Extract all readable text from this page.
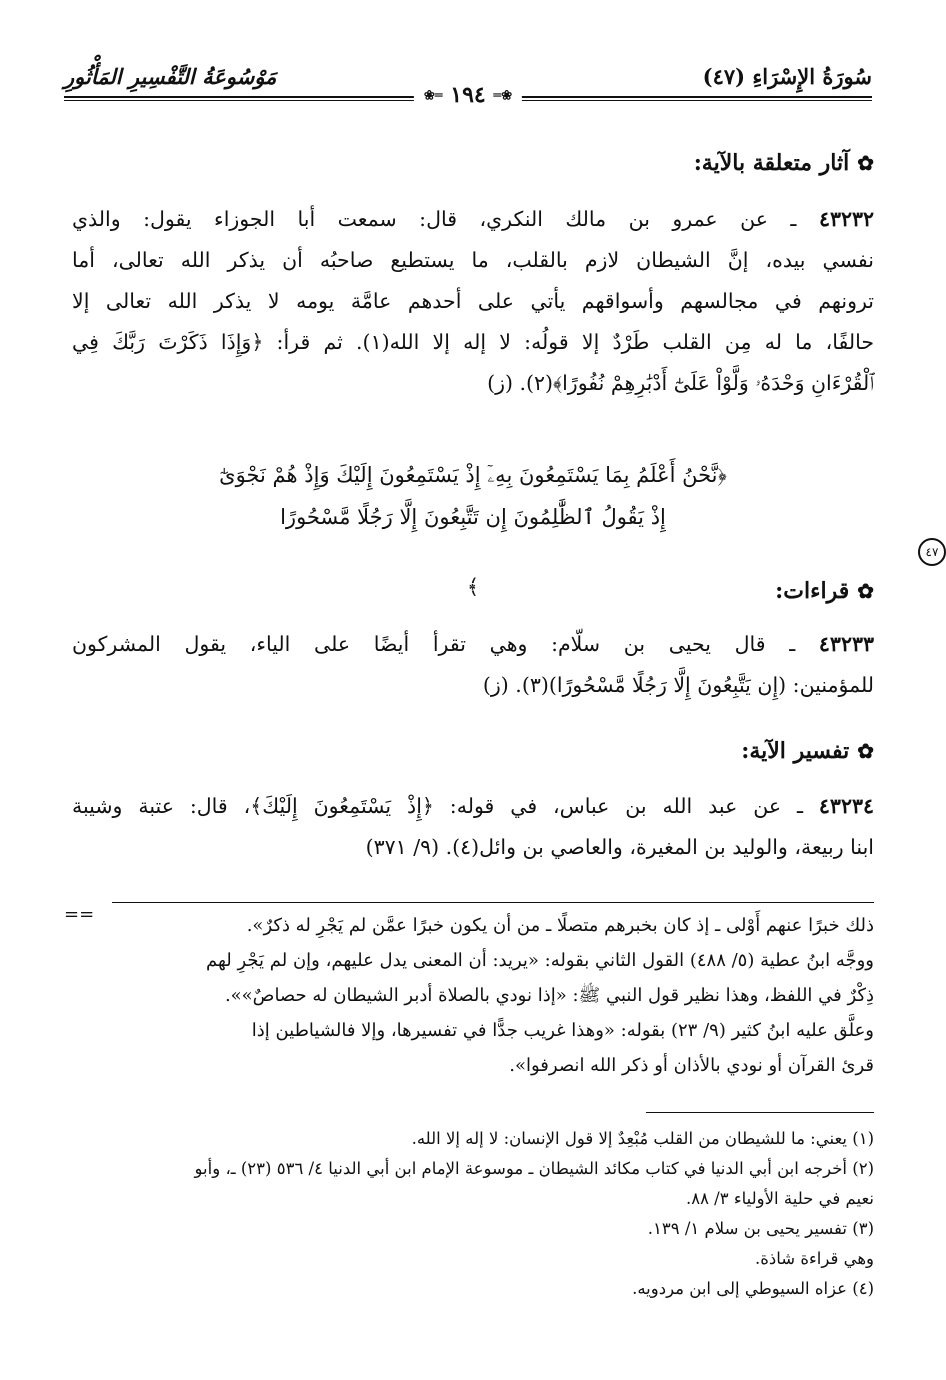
سُورَةُ الإِسْرَاءِ (٤٧)
مَوْسُوعَةُ التَّفْسِيرِ المَأْثُورِ
❀═ ١٩٤ ═❀
✿آثار متعلقة بالآية:
٤٣٢٣٢ ـ عن عمرو بن مالك النكري، قال: سمعت أبا الجوزاء يقول: والذي
نفسي بيده، إنَّ الشيطان لازم بالقلب، ما يستطيع صاحبُه أن يذكر الله تعالى، أما
ترونهم في مجالسهم وأسواقهم يأتي على أحدهم عامَّة يومه لا يذكر الله تعالى إلا
حالفًا، ما له مِن القلب طَرْدٌ إلا قولُه: لا إله إلا الله(١). ثم قرأ: ﴿وَإِذَا ذَكَرْتَ رَبَّكَ فِي
ٱلْقُرْءَانِ وَحْدَهُۥ وَلَّوْاْ عَلَىٰٓ أَدْبَٰرِهِمْ نُفُورًا﴾(٢). (ز)
﴿نَّحْنُ أَعْلَمُ بِمَا يَسْتَمِعُونَ بِهِۦٓ إِذْ يَسْتَمِعُونَ إِلَيْكَ وَإِذْ هُمْ نَجْوَىٰٓ
إِذْ يَقُولُ ٱلظَّٰلِمُونَ إِن تَتَّبِعُونَ إِلَّا رَجُلًا مَّسْحُورًا
٤٧
﴾	✿قراءات:
٤٣٢٣٣ ـ قال يحيى بن سلّام: وهي تقرأ أيضًا على الياء، يقول المشركون
للمؤمنين: (إِن يَتَّبِعُونَ إِلَّا رَجُلًا مَّسْحُورًا)(٣). (ز)
✿تفسير الآية:
٤٣٢٣٤ ـ عن عبد الله بن عباس، في قوله: ﴿إِذْ يَسْتَمِعُونَ إِلَيْكَ﴾، قال: عتبة وشيبة
ابنا ربيعة، والوليد بن المغيرة، والعاصي بن وائل(٤). (٩/ ٣٧١)
==
ذلك خبرًا عنهم أَوْلى ـ إذ كان بخبرهم متصلًا ـ من أن يكون خبرًا عمَّن لم يَجْرِ له ذكرٌ».
ووجَّه ابنُ عطية (٥/ ٤٨٨) القول الثاني بقوله: «يريد: أن المعنى يدل عليهم، وإن لم يَجْرِ لهم
ذِكْرٌ في اللفظ، وهذا نظير قول النبي ﷺ: «إذا نودي بالصلاة أدبر الشيطان له حصاصٌ»».
وعلَّق عليه ابنُ كثير (٩/ ٢٣) بقوله: «وهذا غريب جدًّا في تفسيرها، وإلا فالشياطين إذا
قرئ القرآن أو نودي بالأذان أو ذكر الله انصرفوا».
(١) يعني: ما للشيطان من القلب مُبْعِدٌ إلا قول الإنسان: لا إله إلا الله.
(٢) أخرجه ابن أبي الدنيا في كتاب مكائد الشيطان ـ موسوعة الإمام ابن أبي الدنيا ٤/ ٥٣٦ (٢٣) ـ، وأبو
نعيم في حلية الأولياء ٣/ ٨٨.
(٣) تفسير يحيى بن سلام ١/ ١٣٩.
وهي قراءة شاذة.
(٤) عزاه السيوطي إلى ابن مردويه.
